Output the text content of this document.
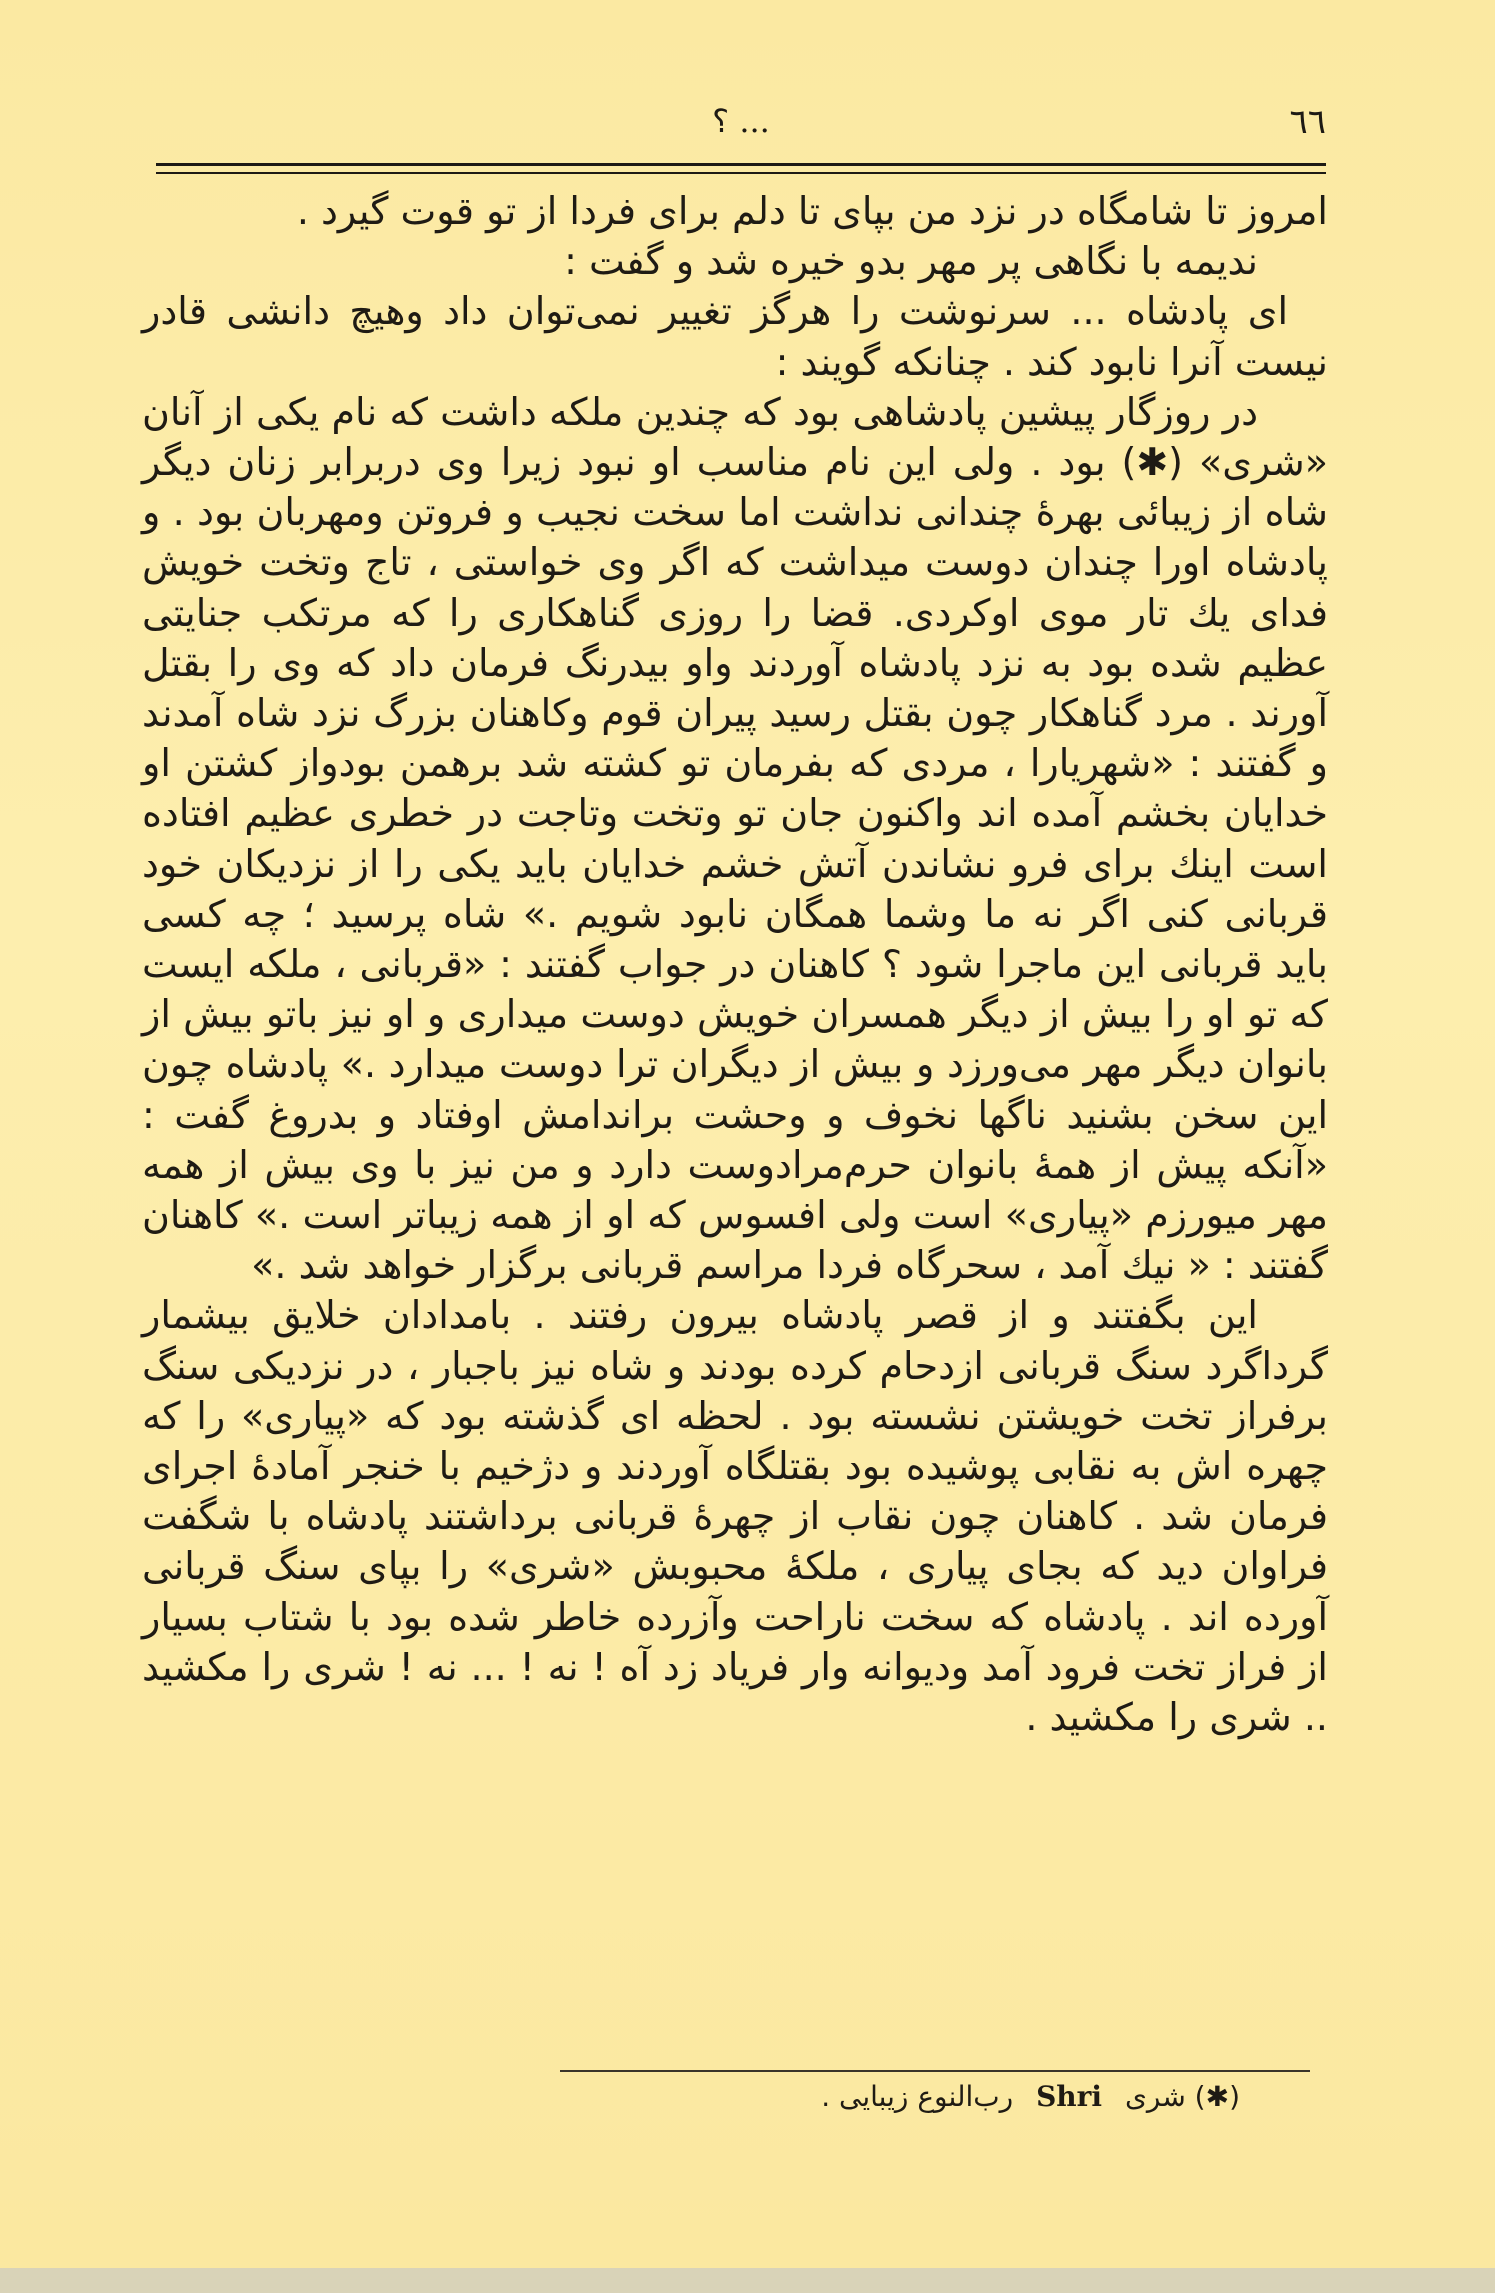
٦٦
؟ ...

امروز تا شامگاه در نزد من بپای تا دلم برای فردا از تو قوت گیرد .

ندیمه با نگاهی پر مهر بدو خیره شد و گفت :

ای پادشاه ... سرنوشت را هرگز تغییر نمی‌توان داد وهیچ دانشی قادر نیست آنرا نابود کند . چنانکه گویند :

در روزگار پیشین پادشاهی بود که چندین ملکه داشت که نام یکی از آنان «شری» (✱) بود . ولی این نام مناسب او نبود زیرا وی دربرابر زنان دیگر شاه از زیبائی بهرهٔ چندانی نداشت اما سخت نجیب و فروتن ومهربان بود . و پادشاه اورا چندان دوست میداشت که اگر وی خواستی ، تاج وتخت خویش فدای یك تار موی اوکردی. قضا را روزی گناهکاری را که مرتکب جنایتی عظیم شده بود به نزد پادشاه آوردند واو بیدرنگ فرمان داد که وی را بقتل آورند . مرد گناهکار چون بقتل رسید پیران قوم وکاهنان بزرگ نزد شاه آمدند و گفتند : «شهریارا ، مردی که بفرمان تو کشته شد برهمن بودواز کشتن او خدایان بخشم آمده اند واکنون جان تو وتخت وتاجت در خطری عظیم افتاده است اینك برای فرو نشاندن آتش خشم خدایان باید یکی را از نزدیکان خود قربانی کنی اگر نه ما وشما همگان نابود شویم .» شاه پرسید ؛ چه کسی باید قربانی این ماجرا شود ؟ کاهنان در جواب گفتند : «قربانی ، ملکه ایست که تو او را بیش از دیگر همسران خویش دوست میداری و او نیز باتو بیش از بانوان دیگر مهر می‌ورزد و بیش از دیگران ترا دوست میدارد .» پادشاه چون این سخن بشنید ناگها نخوف و وحشت براندامش اوفتاد و بدروغ گفت : «آنکه پیش از همهٔ بانوان حرم‌مرادوست دارد و من نیز با وی بیش از همه مهر میورزم «پیاری» است ولی افسوس که او از همه زیباتر است .» کاهنان گفتند : « نیك آمد ، سحرگاه فردا مراسم قربانی برگزار خواهد شد .»

این بگفتند و از قصر پادشاه بیرون رفتند . بامدادان خلایق بیشمار گرداگرد سنگ قربانی ازدحام کرده بودند و شاه نیز باجبار ، در نزدیکی سنگ برفراز تخت خویشتن نشسته بود . لحظه ای گذشته بود که «پیاری» را که چهره اش به نقابی پوشیده بود بقتلگاه آوردند و دژخیم با خنجر آمادهٔ اجرای فرمان شد . کاهنان چون نقاب از چهرهٔ قربانی برداشتند پادشاه با شگفت فراوان دید که بجای پیاری ، ملکهٔ محبوبش «شری» را بپای سنگ قربانی آورده اند . پادشاه که سخت ناراحت وآزرده خاطر شده بود با شتاب بسیار از فراز تخت فرود آمد ودیوانه وار فریاد زد آه ! نه ! ... نه ! شری را مکشید .. شری را مکشید .

(✱) شری Shri رب‌النوع زیبایی .
